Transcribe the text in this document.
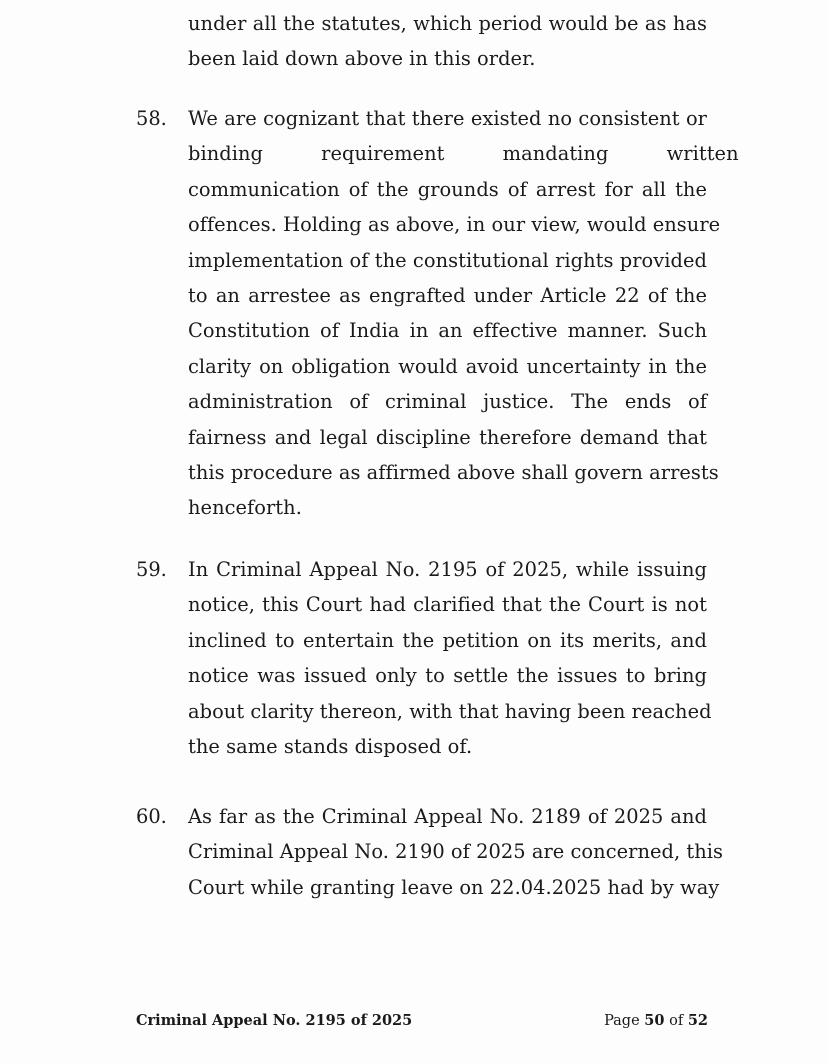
under all the statutes, which period would be as has
been laid down above in this order.
58. We are cognizant that there existed no consistent or
binding requirement mandating written
communication of the grounds of arrest for all the
offences. Holding as above, in our view, would ensure
implementation of the constitutional rights provided
to an arrestee as engrafted under Article 22 of the
Constitution of India in an effective manner. Such
clarity on obligation would avoid uncertainty in the
administration of criminal justice. The ends of
fairness and legal discipline therefore demand that
this procedure as affirmed above shall govern arrests
henceforth.
59. In Criminal Appeal No. 2195 of 2025, while issuing
notice, this Court had clarified that the Court is not
inclined to entertain the petition on its merits, and
notice was issued only to settle the issues to bring
about clarity thereon, with that having been reached
the same stands disposed of.
60. As far as the Criminal Appeal No. 2189 of 2025 and
Criminal Appeal No. 2190 of 2025 are concerned, this
Court while granting leave on 22.04.2025 had by way
Criminal Appeal No. 2195 of 2025	Page 50 of 52
